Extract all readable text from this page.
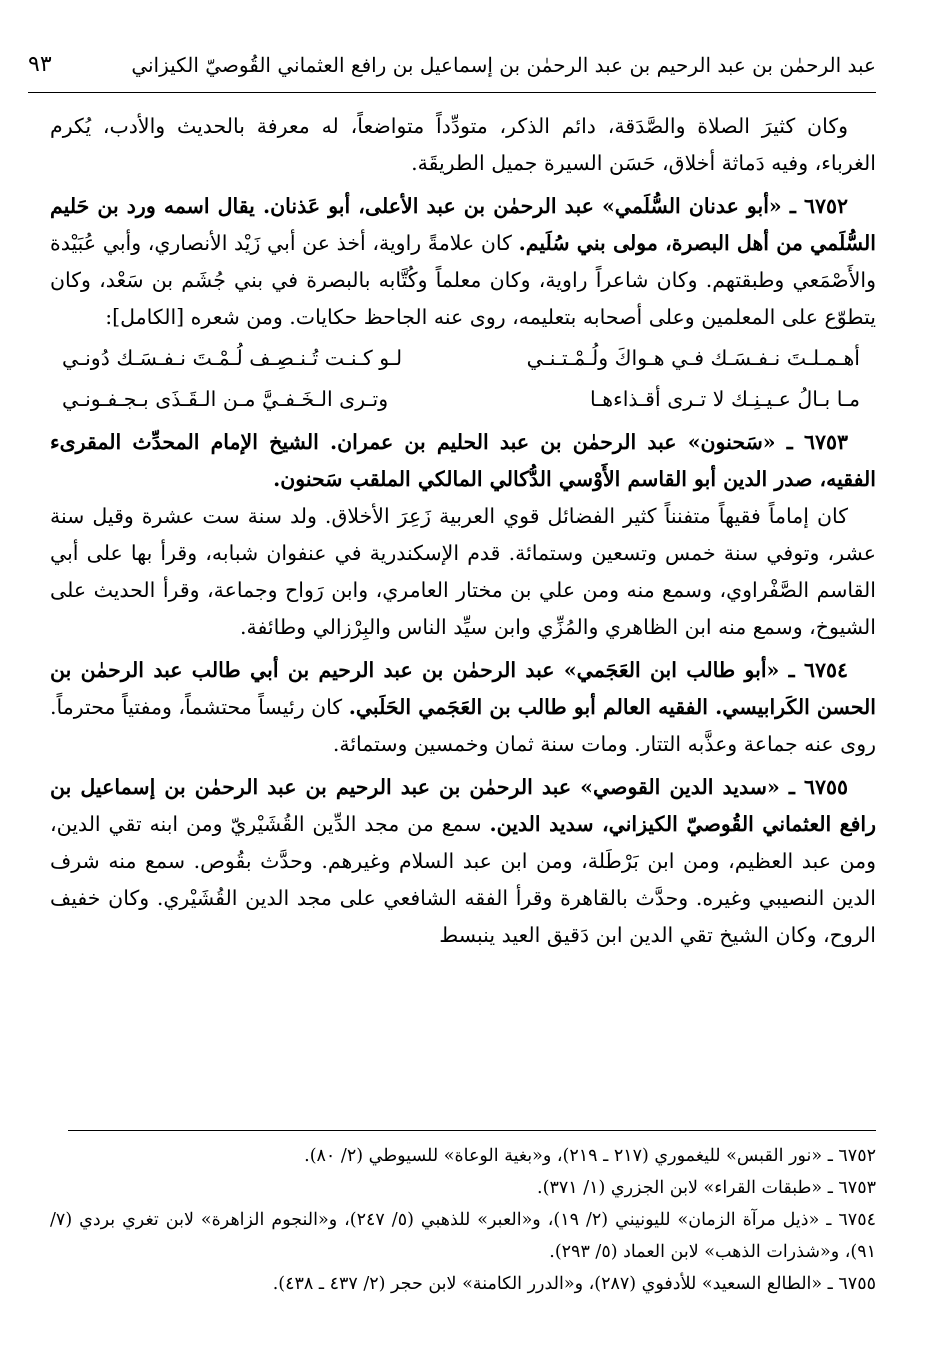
عبد الرحمٰن بن عبد الرحيم بن عبد الرحمٰن بن إسماعيل بن رافع العثماني القُوصيّ الكيزاني
٩٣

وكان كثيرَ الصلاة والصَّدَقة، دائم الذكر، متودِّداً متواضعاً، له معرفة بالحديث والأدب، يُكرم الغرباء، وفيه دَماثة أخلاق، حَسَن السيرة جميل الطريقَة.

٦٧٥٢ ـ «أبو عدنان السُّلَمي» عبد الرحمٰن بن عبد الأعلى، أبو عَذنان. يقال اسمه ورد بن حَليم السُّلَمي من أهل البصرة، مولى بني سُلَيم. كان علامةً راوية، أخذ عن أبي زَيْد الأنصاري، وأبي عُبَيْدة والأَصْمَعي وطبقتهم. وكان شاعراً راوية، وكان معلماً وكُتَّابه بالبصرة في بني جُشَم بن سَعْد، وكان يتطوّع على المعلمين وعلى أصحابه بتعليمه، روى عنه الجاحظ حكايات. ومن شعره [الكامل]:

أهـمـلـتَ نـفـسَـك فـي هـواكَ ولُـمْـتـنـي
لـو كـنـت تُـنـصِـف لُـمْـتَ نـفـسَـك دُونـي
مـا بـالُ عـيـنِـك لا تـرى أقـذاءهـا
وتـرى الـخَـفـيَّ مـن الـقَـذَى بـجـفـونـي

٦٧٥٣ ـ «سَحنون» عبد الرحمٰن بن عبد الحليم بن عمران. الشيخ الإمام المحدِّث المقرىء الفقيه، صدر الدين أبو القاسم الأَوْسي الدُّكالي المالكي الملقب سَحنون.

كان إماماً فقيهاً متفنناً كثير الفضائل قوي العربية زَعِرَ الأخلاق. ولد سنة ست عشرة وقيل سنة عشر، وتوفي سنة خمس وتسعين وستمائة. قدم الإسكندرية في عنفوان شبابه، وقرأ بها على أبي القاسم الصَّفْراوي، وسمع منه ومن علي بن مختار العامري، وابن رَواح وجماعة، وقرأ الحديث على الشيوخ، وسمع منه ابن الظاهري والمُزِّي وابن سيِّد الناس والبِرْزالي وطائفة.

٦٧٥٤ ـ «أبو طالب ابن العَجَمي» عبد الرحمٰن بن عبد الرحيم بن أبي طالب عبد الرحمٰن بن الحسن الكَرابيسي. الفقيه العالم أبو طالب بن العَجَمي الحَلَبي. كان رئيساً محتشماً، ومفتياً محترماً. روى عنه جماعة وعذَّبه التتار. ومات سنة ثمان وخمسين وستمائة.

٦٧٥٥ ـ «سديد الدين القوصي» عبد الرحمٰن بن عبد الرحيم بن عبد الرحمٰن بن إسماعيل بن رافع العثماني القُوصيّ الكيزاني، سديد الدين. سمع من مجد الدِّين القُشَيْريّ ومن ابنه تقي الدين، ومن عبد العظيم، ومن ابن بَرْطَلة، ومن ابن عبد السلام وغيرهم. وحدَّث بقُوص. سمع منه شرف الدين النصيبي وغيره. وحدَّث بالقاهرة وقرأ الفقه الشافعي على مجد الدين القُشَيْري. وكان خفيف الروح، وكان الشيخ تقي الدين ابن دَقيق العيد ينبسط

٦٧٥٢ ـ «نور القبس» لليغموري (٢١٧ ـ ٢١٩)، و«بغية الوعاة» للسيوطي (٢/ ٨٠).

٦٧٥٣ ـ «طبقات القراء» لابن الجزري (١/ ٣٧١).

٦٧٥٤ ـ «ذيل مرآة الزمان» لليونيني (٢/ ١٩)، و«العبر» للذهبي (٥/ ٢٤٧)، و«النجوم الزاهرة» لابن تغري بردي (٧/ ٩١)، و«شذرات الذهب» لابن العماد (٥/ ٢٩٣).

٦٧٥٥ ـ «الطالع السعيد» للأدفوي (٢٨٧)، و«الدرر الكامنة» لابن حجر (٢/ ٤٣٧ ـ ٤٣٨).
